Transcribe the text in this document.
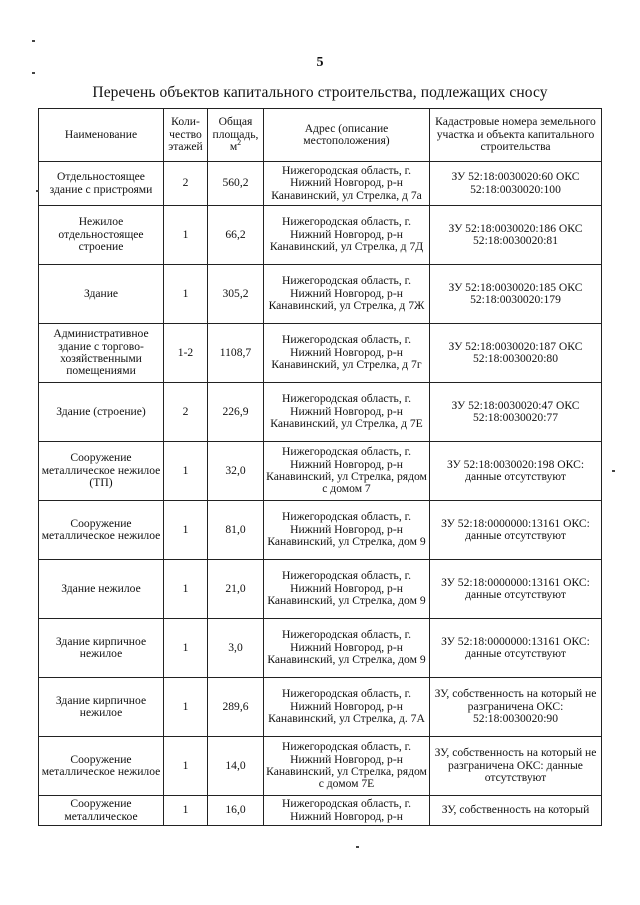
5
Перечень объектов капитального строительства, подлежащих сносу
Наименование	Коли-чество этажей	Общая площадь, $м^2$	Адрес (описание местоположения)	Кадастровые номера земельного участка и объекта капитального строительства
Отдельностоящее здание с пристроями	2	560,2	Нижегородская область, г. Нижний Новгород, р-н Канавинский, ул Стрелка, д 7а	ЗУ 52:18:0030020:60 ОКС 52:18:0030020:100
Нежилое отдельностоящее строение	1	66,2	Нижегородская область, г. Нижний Новгород, р-н Канавинский, ул Стрелка, д 7Д	ЗУ 52:18:0030020:186 ОКС 52:18:0030020:81
Здание	1	305,2	Нижегородская область, г. Нижний Новгород, р-н Канавинский, ул Стрелка, д 7Ж	ЗУ 52:18:0030020:185 ОКС 52:18:0030020:179
Административное здание с торгово-хозяйственными помещениями	1-2	1108,7	Нижегородская область, г. Нижний Новгород, р-н Канавинский, ул Стрелка, д 7г	ЗУ 52:18:0030020:187 ОКС 52:18:0030020:80
Здание (строение)	2	226,9	Нижегородская область, г. Нижний Новгород, р-н Канавинский, ул Стрелка, д 7Е	ЗУ 52:18:0030020:47 ОКС 52:18:0030020:77
Сооружение металлическое нежилое (ТП)	1	32,0	Нижегородская область, г. Нижний Новгород, р-н Канавинский, ул Стрелка, рядом с домом 7	ЗУ 52:18:0030020:198 ОКС: данные отсутствуют
Сооружение металлическое нежилое	1	81,0	Нижегородская область, г. Нижний Новгород, р-н Канавинский, ул Стрелка, дом 9	ЗУ 52:18:0000000:13161 ОКС: данные отсутствуют
Здание нежилое	1	21,0	Нижегородская область, г. Нижний Новгород, р-н Канавинский, ул Стрелка, дом 9	ЗУ 52:18:0000000:13161 ОКС: данные отсутствуют
Здание кирпичное нежилое	1	3,0	Нижегородская область, г. Нижний Новгород, р-н Канавинский, ул Стрелка, дом 9	ЗУ 52:18:0000000:13161 ОКС: данные отсутствуют
Здание кирпичное нежилое	1	289,6	Нижегородская область, г. Нижний Новгород, р-н Канавинский, ул Стрелка, д. 7А	ЗУ, собственность на который не разграничена ОКС: 52:18:0030020:90
Сооружение металлическое нежилое	1	14,0	Нижегородская область, г. Нижний Новгород, р-н Канавинский, ул Стрелка, рядом с домом 7Е	ЗУ, собственность на который не разграничена ОКС: данные отсутствуют
Сооружение металлическое	1	16,0	Нижегородская область, г. Нижний Новгород, р-н	ЗУ, собственность на который
